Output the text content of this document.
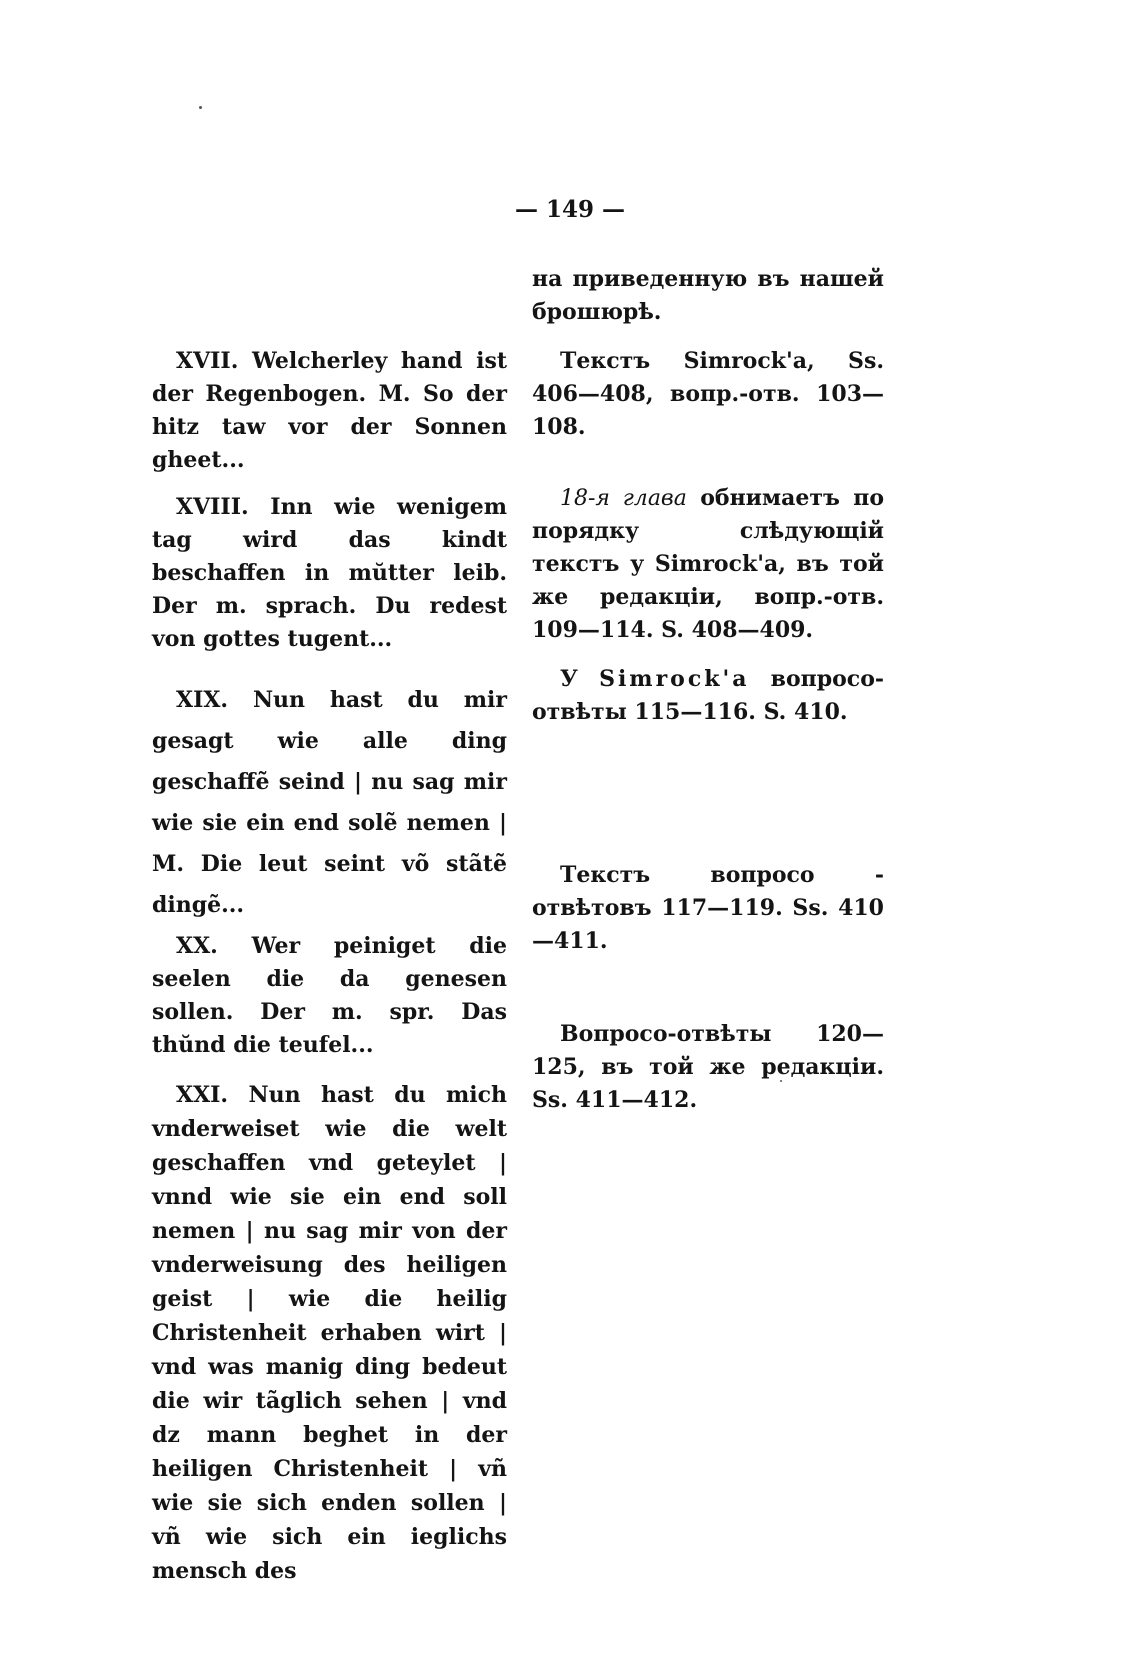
— 149 —

XVII. Welcherley hand ist der Regenbogen. M. So der hitz taw vor der Sonnen gheet...

XVIII. Inn wie wenigem tag wird das kindt beschaffen in mŭtter leib. Der m. sprach. Du redest von gottes tugent...

XIX. Nun hast du mir gesagt wie alle ding geschaffẽ seind | nu sag mir wie sie ein end solẽ nemen | M. Die leut seint võ stãtẽ dingẽ...

XX. Wer peiniget die seelen die da genesen sollen. Der m. spr. Das thŭnd die teufel...

XXI. Nun hast du mich vnderweiset wie die welt geschaffen vnd geteylet | vnnd wie sie ein end soll nemen | nu sag mir von der vnderweisung des heiligen geist | wie die heilig Christenheit erhaben wirt | vnd was manig ding bedeut die wir tãglich sehen | vnd dz mann beghet in der heiligen Christenheit | vñ wie sie sich enden sollen | vñ wie sich ein ieglichs mensch des

на приведенную въ нашей брошюрѣ.

Текстъ Simrock'a, Ss. 406—408, вопр.-отв. 103—108.

18-я глава обнимаетъ по порядку слѣдующій текстъ у Simrock'a, въ той же редакціи, вопр.-отв. 109—114. S. 408—409.

У Simrock'a вопросо-отвѣты 115—116. S. 410.

Текстъ вопросо - отвѣтовъ 117—119. Ss. 410—411.

Вопросо-отвѣты 120—125, въ той же редакціи. Ss. 411—412.
